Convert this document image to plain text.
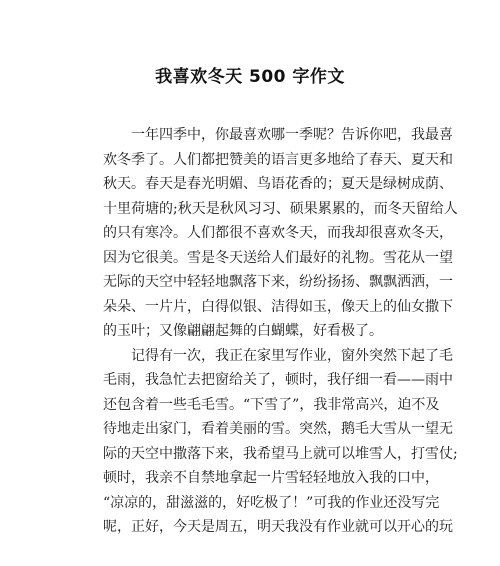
我喜欢冬天 500 字作文
一年四季中，你最喜欢哪一季呢？告诉你吧，我最喜
欢冬季了。人们都把赞美的语言更多地给了春天、夏天和
秋天。春天是春光明媚、鸟语花香的；夏天是绿树成荫、
十里荷塘的;秋天是秋风习习、硕果累累的，而冬天留给人
的只有寒冷。人们都很不喜欢冬天，而我却很喜欢冬天，
因为它很美。雪是冬天送给人们最好的礼物。雪花从一望
无际的天空中轻轻地飘落下来，纷纷扬扬、飘飘洒洒，一
朵朵、一片片，白得似银、洁得如玉，像天上的仙女撒下
的玉叶；又像翩翩起舞的白蝴蝶，好看极了。
记得有一次，我正在家里写作业，窗外突然下起了毛
毛雨，我急忙去把窗给关了，顿时，我仔细一看——雨中
还包含着一些毛毛雪。“下雪了”，我非常高兴，迫不及
待地走出家门，看着美丽的雪。突然，鹅毛大雪从一望无
际的天空中撒落下来，我希望马上就可以堆雪人，打雪仗;
顿时，我亲不自禁地拿起一片雪轻轻地放入我的口中，
“凉凉的，甜滋滋的，好吃极了！”可我的作业还没写完
呢，正好，今天是周五，明天我没有作业就可以开心的玩
